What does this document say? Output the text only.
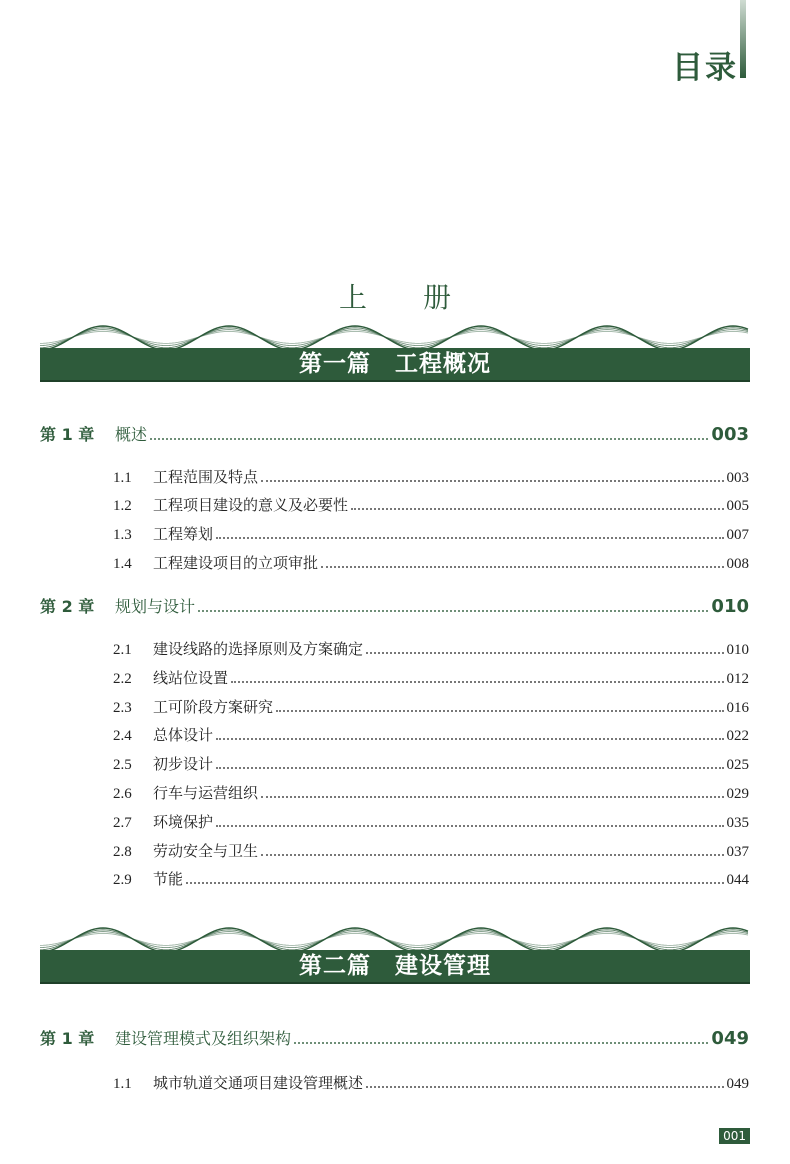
目录
上 册
第一篇　工程概况
第 1 章	概述	003
1.1	工程范围及特点	003
1.2	工程项目建设的意义及必要性	005
1.3	工程筹划	007
1.4	工程建设项目的立项审批	008
第 2 章	规划与设计	010
2.1	建设线路的选择原则及方案确定	010
2.2	线站位设置	012
2.3	工可阶段方案研究	016
2.4	总体设计	022
2.5	初步设计	025
2.6	行车与运营组织	029
2.7	环境保护	035
2.8	劳动安全与卫生	037
2.9	节能	044
第二篇　建设管理
第 1 章	建设管理模式及组织架构	049
1.1	城市轨道交通项目建设管理概述	049
001
